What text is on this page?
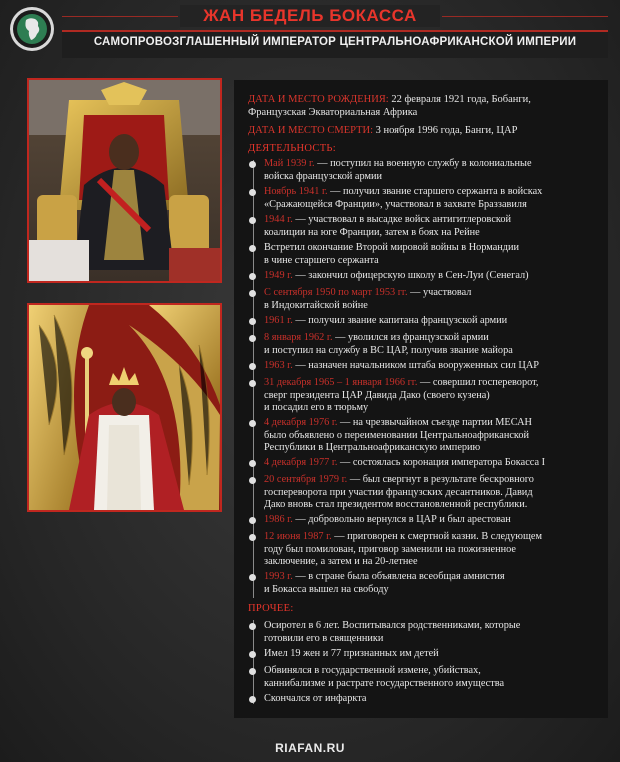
ЖАН БЕДЕЛЬ БОКАССА
САМОПРОВОЗГЛАШЕННЫЙ ИМПЕРАТОР ЦЕНТРАЛЬНОАФРИКАНСКОЙ ИМПЕРИИ
ДАТА И МЕСТО РОЖДЕНИЯ: 22 февраля 1921 года, Бобанги,
Французская Экваториальная Африка
ДАТА И МЕСТО СМЕРТИ: 3 ноября 1996 года, Банги, ЦАР
ДЕЯТЕЛЬНОСТЬ:
Май 1939 г. — поступил на военную службу в колониальные
войска французской армии
Ноябрь 1941 г. — получил звание старшего сержанта в войсках
«Сражающейся Франции», участвовал в захвате Браззавиля
1944 г. — участвовал в высадке войск антигитлеровской
коалиции на юге Франции, затем в боях на Рейне
Встретил окончание Второй мировой войны в Нормандии
в чине старшего сержанта
1949 г. — закончил офицерскую школу в Сен-Луи (Сенегал)
С сентября 1950 по март 1953 гг. — участвовал
в Индокитайской войне
1961 г. — получил звание капитана французской армии
8 января 1962 г. — уволился из французской армии
и поступил на службу в ВС ЦАР, получив звание майора
1963 г. — назначен начальником штаба вооруженных сил ЦАР
31 декабря 1965 – 1 января 1966 гг. — совершил госпереворот,
сверг президента ЦАР Давида Дако (своего кузена)
и посадил его в тюрьму
4 декабря 1976 г. — на чрезвычайном съезде партии МЕСАН
было объявлено о переименовании Центральноафриканской
Республики в Центральноафриканскую империю
4 декабря 1977 г. — состоялась коронация императора Бокасса I
20 сентября 1979 г. — был свергнут в результате бескровного
госпереворота при участии французских десантников. Давид
Дако вновь стал президентом восстановленной республики.
1986 г. — добровольно вернулся в ЦАР и был арестован
12 июня 1987 г. — приговорен к смертной казни. В следующем
году был помилован, приговор заменили на пожизненное
заключение, а затем и на 20-летнее
1993 г. — в стране была объявлена всеобщая амнистия
и Бокасса вышел на свободу
ПРОЧЕЕ:
Осиротел в 6 лет. Воспитывался родственниками, которые
готовили его в священники
Имел 19 жен и 77 признанных им детей
Обвинялся в государственной измене, убийствах,
каннибализме и растрате государственного имущества
Скончался от инфаркта
RIAFAN.RU
